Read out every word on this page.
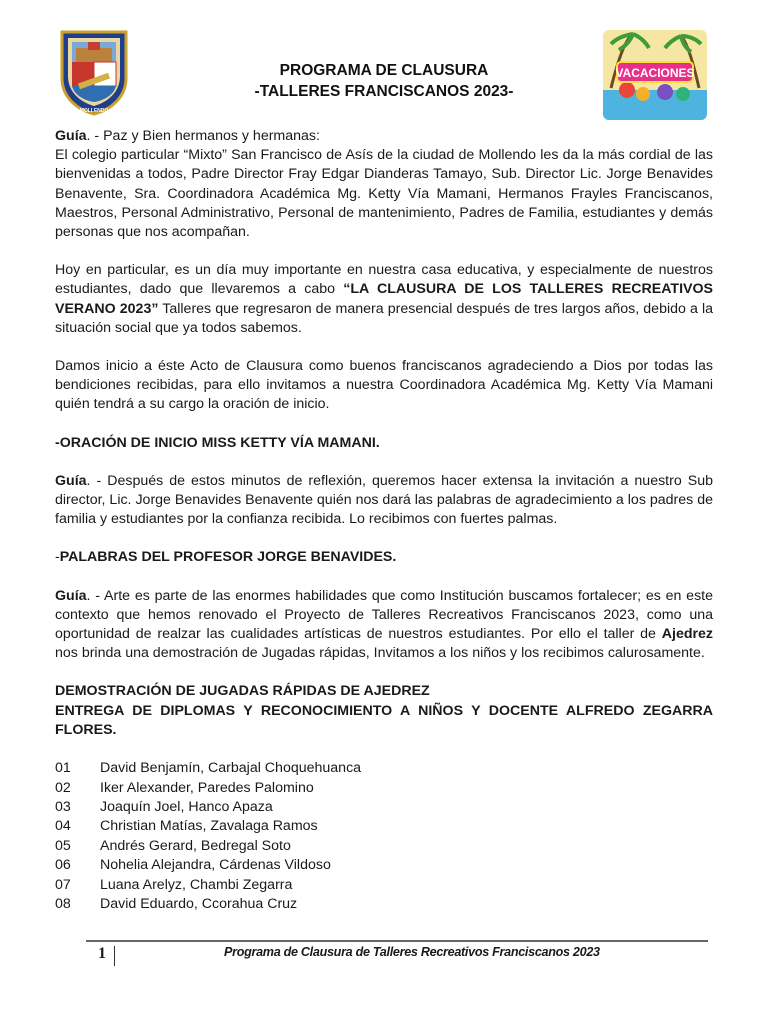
MOLLENDO
PROGRAMA DE CLAUSURA
-TALLERES FRANCISCANOS 2023-
VACACIONES
Guía. - Paz y Bien hermanos y hermanas:
El colegio particular “Mixto” San Francisco de Asís de la ciudad de Mollendo les da la más cordial de las bienvenidas a todos, Padre Director Fray Edgar Dianderas Tamayo, Sub. Director Lic. Jorge Benavides Benavente, Sra. Coordinadora Académica Mg. Ketty Vía Mamani, Hermanos Frayles Franciscanos, Maestros, Personal Administrativo, Personal de mantenimiento, Padres de Familia, estudiantes y demás personas que nos acompañan.
Hoy en particular, es un día muy importante en nuestra casa educativa, y especialmente de nuestros estudiantes, dado que llevaremos a cabo “LA CLAUSURA DE LOS TALLERES RECREATIVOS VERANO 2023” Talleres que regresaron de manera presencial después de tres largos años, debido a la situación social que ya todos sabemos.
Damos inicio a éste Acto de Clausura como buenos franciscanos agradeciendo a Dios por todas las bendiciones recibidas, para ello invitamos a nuestra Coordinadora Académica Mg. Ketty Vía Mamani quién tendrá a su cargo la oración de inicio.
-ORACIÓN DE INICIO MISS KETTY VÍA MAMANI.
Guía. - Después de estos minutos de reflexión, queremos hacer extensa la invitación a nuestro Sub director, Lic. Jorge Benavides Benavente quién nos dará las palabras de agradecimiento a los padres de familia y estudiantes por la confianza recibida. Lo recibimos con fuertes palmas.
-PALABRAS DEL PROFESOR JORGE BENAVIDES.
Guía. - Arte es parte de las enormes habilidades que como Institución buscamos fortalecer; es en este contexto que hemos renovado el Proyecto de Talleres Recreativos Franciscanos 2023, como una oportunidad de realzar las cualidades artísticas de nuestros estudiantes. Por ello el taller de Ajedrez nos brinda una demostración de Jugadas rápidas, Invitamos a los niños y los recibimos calurosamente.
DEMOSTRACIÓN DE JUGADAS RÁPIDAS DE AJEDREZ
ENTREGA DE DIPLOMAS Y RECONOCIMIENTO A NIÑOS Y DOCENTE ALFREDO ZEGARRA FLORES.
01	David Benjamín, Carbajal Choquehuanca
02	Iker Alexander, Paredes Palomino
03	Joaquín Joel, Hanco Apaza
04	Christian Matías, Zavalaga Ramos
05	Andrés Gerard, Bedregal Soto
06	Nohelia Alejandra, Cárdenas Vildoso
07	Luana Arelyz, Chambi Zegarra
08	David Eduardo, Ccorahua Cruz
1	Programa de Clausura de Talleres Recreativos Franciscanos 2023
